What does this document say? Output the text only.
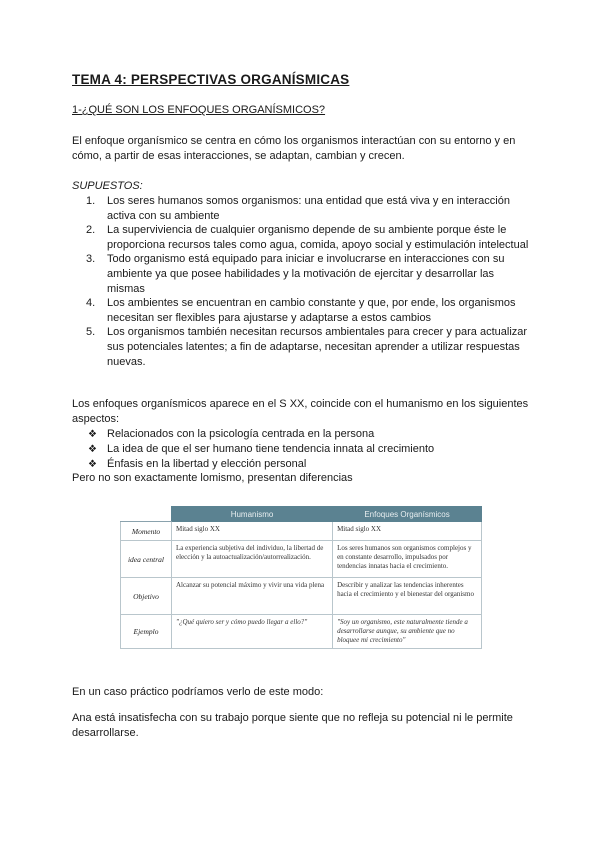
TEMA 4: PERSPECTIVAS ORGANÍSMICAS
1-¿QUÉ SON LOS ENFOQUES ORGANÍSMICOS?
El enfoque organísmico se centra en cómo los organismos interactúan con su entorno y en cómo, a partir de esas interacciones, se adaptan, cambian y crecen.
SUPUESTOS:
1. Los seres humanos somos organismos: una entidad que está viva y en interacción activa con su ambiente
2. La superviviencia de cualquier organismo depende de su ambiente porque éste le proporciona recursos tales como agua, comida, apoyo social y estimulación intelectual
3. Todo organismo está equipado para iniciar e involucrarse en interacciones con su ambiente ya que posee habilidades y la motivación de ejercitar y desarrollar las mismas
4. Los ambientes se encuentran en cambio constante y que, por ende, los organismos necesitan ser flexibles para ajustarse y adaptarse a estos cambios
5. Los organismos también necesitan recursos ambientales para crecer y para actualizar sus potenciales latentes; a fin de adaptarse, necesitan aprender a utilizar respuestas nuevas.
Los enfoques organísmicos aparece en el S XX, coincide con el humanismo en los siguientes aspectos:
❖ Relacionados con la psicología centrada en la persona
❖ La idea de que el ser humano tiene tendencia innata al crecimiento
❖ Énfasis en la libertad y elección personal
Pero no son exactamente lomismo, presentan diferencias
	Humanismo	Enfoques Organísmicos
Momento	Mitad siglo XX	Mitad siglo XX
idea central	La experiencia subjetiva del individuo, la libertad de elección y la autoactualización/autorrealización.	Los seres humanos son organismos complejos y en constante desarrollo, impulsados por tendencias innatas hacia el crecimiento.
Objetivo	Alcanzar su potencial máximo y vivir una vida plena	Describir y analizar las tendencias inherentes hacia el crecimiento y el bienestar del organismo
Ejemplo	"¿Qué quiero ser y cómo puedo llegar a ello?"	"Soy un organismo, este naturalmente tiende a desarrollarse aunque, su ambiente que no bloquee mi crecimiento"
En un caso práctico podríamos verlo de este modo:
Ana está insatisfecha con su trabajo porque siente que no refleja su potencial ni le permite desarrollarse.
